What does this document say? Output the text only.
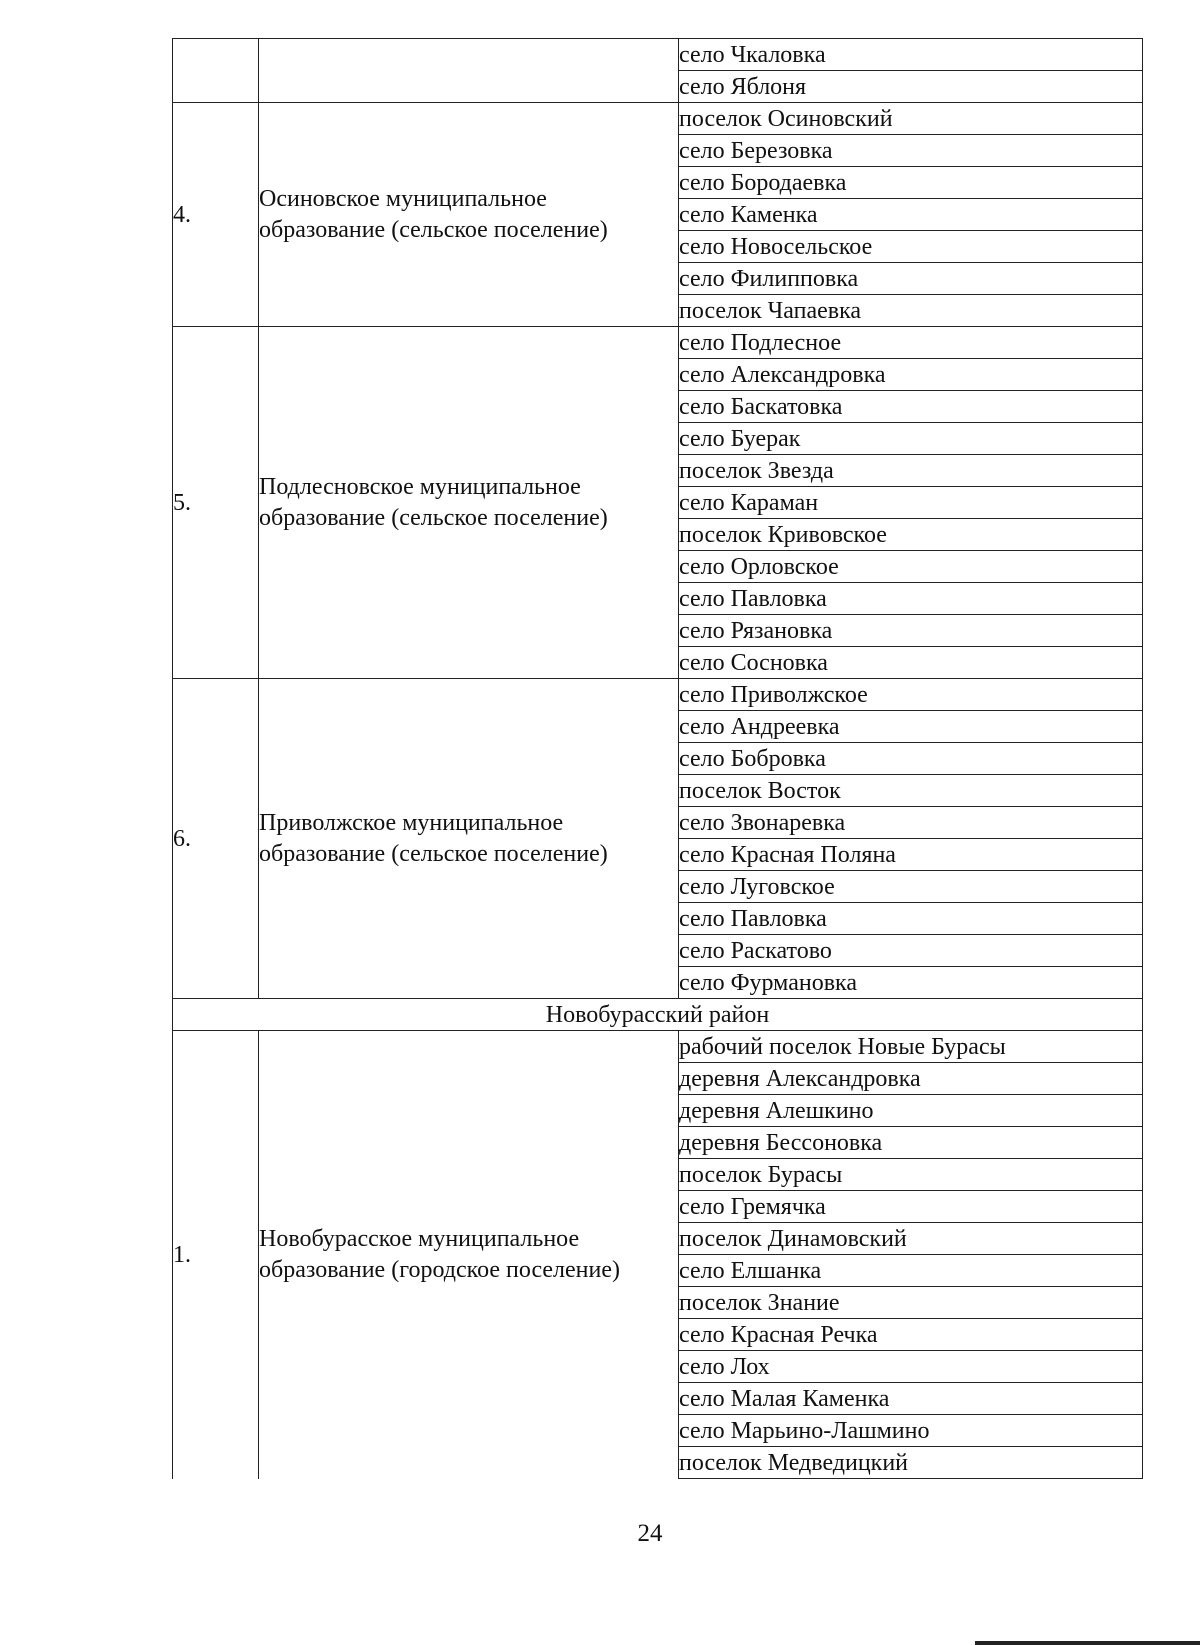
		село Чкаловка
		село Яблоня
4.	Осиновское муниципальное образование (сельское поселение)	поселок Осиновский
		село Березовка
		село Бородаевка
		село Каменка
		село Новосельское
		село Филипповка
		поселок Чапаевка
5.	Подлесновское муниципальное образование (сельское поселение)	село Подлесное
		село Александровка
		село Баскатовка
		село Буерак
		поселок Звезда
		село Караман
		поселок Кривовское
		село Орловское
		село Павловка
		село Рязановка
		село Сосновка
6.	Приволжское муниципальное образование (сельское поселение)	село Приволжское
		село Андреевка
		село Бобровка
		поселок Восток
		село Звонаревка
		село Красная Поляна
		село Луговское
		село Павловка
		село Раскатово
		село Фурмановка
Новобурасский район		
1.	Новобурасское муниципальное образование (городское поселение)	рабочий поселок Новые Бурасы
		деревня Александровка
		деревня Алешкино
		деревня Бессоновка
		поселок Бурасы
		село Гремячка
		поселок Динамовский
		село Елшанка
		поселок Знание
		село Красная Речка
		село Лох
		село Малая Каменка
		село Марьино-Лашмино
		поселок Медведицкий
24
